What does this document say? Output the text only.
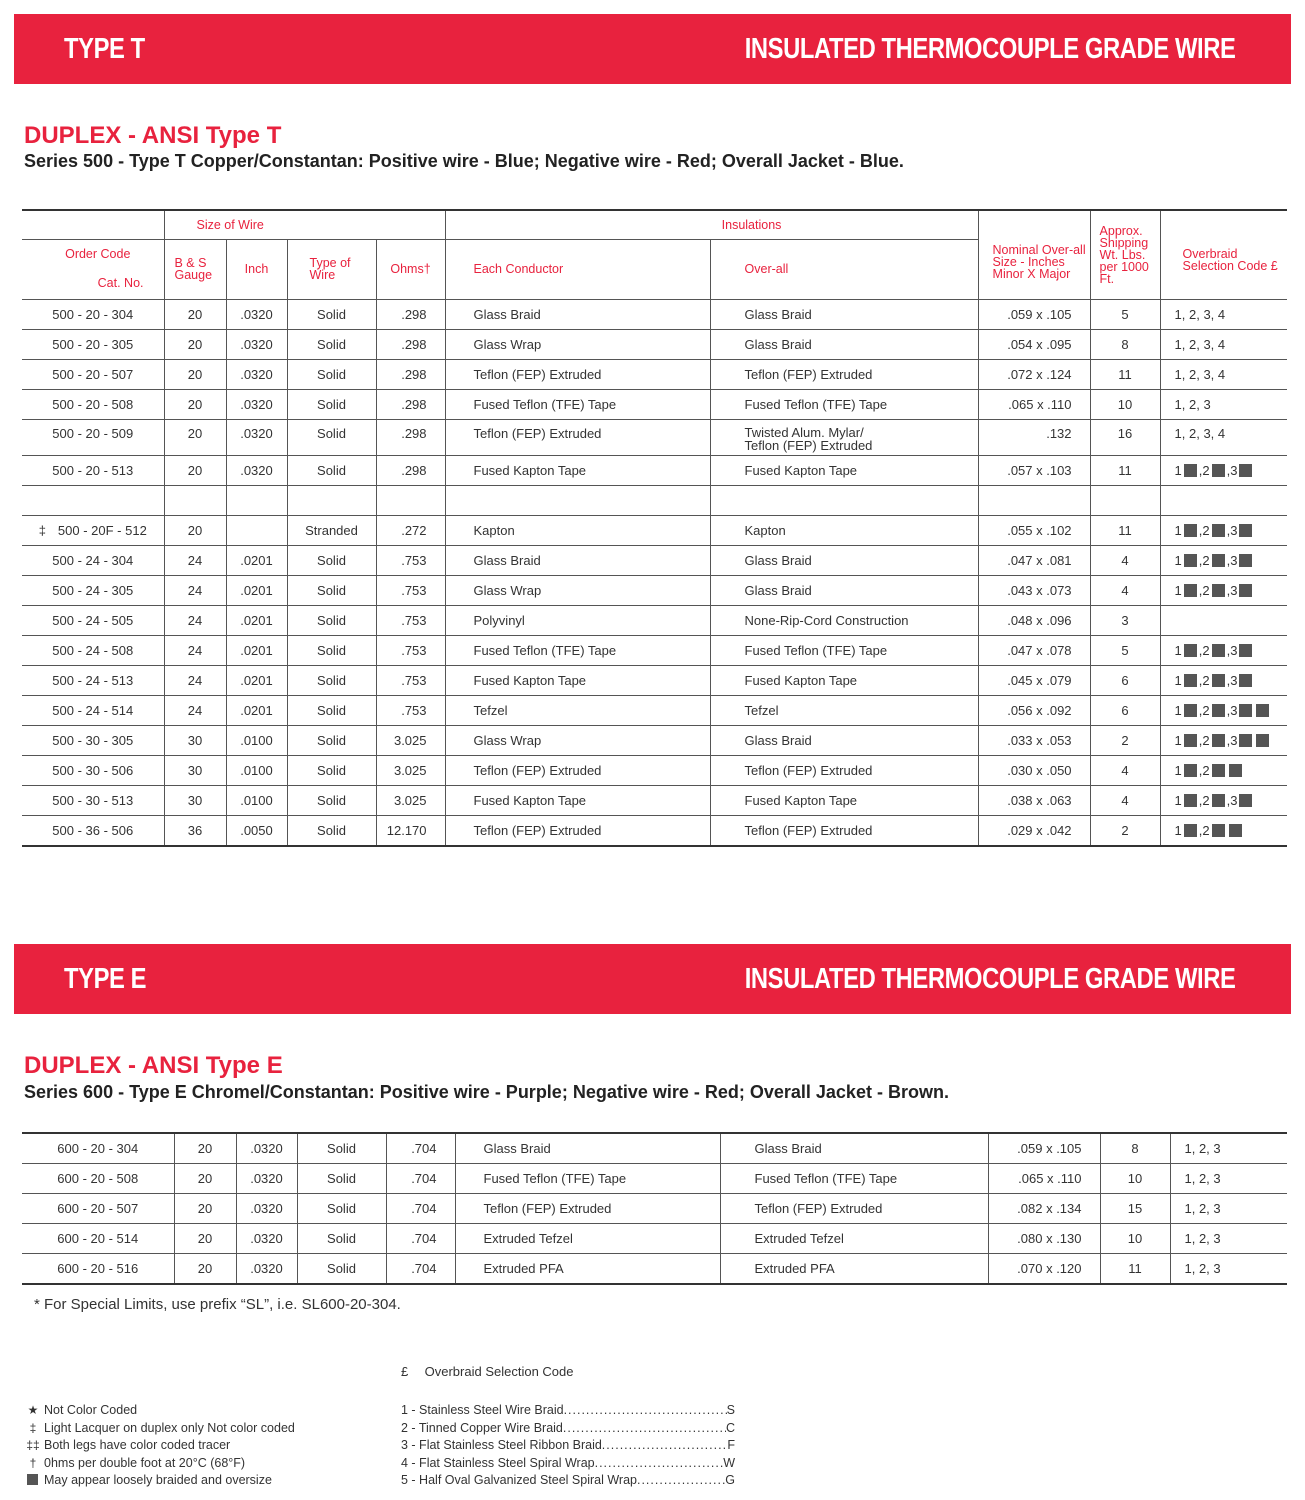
TYPE T	INSULATED THERMOCOUPLE GRADE WIRE
DUPLEX - ANSI Type T

Series 500 - Type T Copper/Constantan: Positive wire - Blue; Negative wire - Red; Overall Jacket - Blue.

	Size of Wire				Insulations		Nominal Over-all Size - Inches Minor X Major	Approx. Shipping Wt. Lbs. per 1000 Ft.	Overbraid Selection Code £
Order Code	B & S Gauge	Inch	Type of Wire	Ohms†	Each Conductor	Over-all			
Cat. No.									
500 - 20 - 304	20	.0320	Solid	.298	Glass Braid	Glass Braid	.059 x .105	5	1, 2, 3, 4
500 - 20 - 305	20	.0320	Solid	.298	Glass Wrap	Glass Braid	.054 x .095	8	1, 2, 3, 4
500 - 20 - 507	20	.0320	Solid	.298	Teflon (FEP) Extruded	Teflon (FEP) Extruded	.072 x .124	11	1, 2, 3, 4
500 - 20 - 508	20	.0320	Solid	.298	Fused Teflon (TFE) Tape	Fused Teflon (TFE) Tape	.065 x .110	10	1, 2, 3
500 - 20 - 509	20	.0320	Solid	.298	Teflon (FEP) Extruded	Twisted Alum. Mylar/
Teflon (FEP) Extruded	.132	16	1, 2, 3, 4
500 - 20 - 513	20	.0320	Solid	.298	Fused Kapton Tape	Fused Kapton Tape	.057 x .103	11	1 ,2 ,3

‡ 500 - 20F - 512	20		Stranded	.272	Kapton	Kapton	.055 x .102	11	1 ,2 ,3
500 - 24 - 304	24	.0201	Solid	.753	Glass Braid	Glass Braid	.047 x .081	4	1 ,2 ,3
500 - 24 - 305	24	.0201	Solid	.753	Glass Wrap	Glass Braid	.043 x .073	4	1 ,2 ,3
500 - 24 - 505	24	.0201	Solid	.753	Polyvinyl	None-Rip-Cord Construction	.048 x .096	3	
500 - 24 - 508	24	.0201	Solid	.753	Fused Teflon (TFE) Tape	Fused Teflon (TFE) Tape	.047 x .078	5	1 ,2 ,3
500 - 24 - 513	24	.0201	Solid	.753	Fused Kapton Tape	Fused Kapton Tape	.045 x .079	6	1 ,2 ,3
500 - 24 - 514	24	.0201	Solid	.753	Tefzel	Tefzel	.056 x .092	6	1 ,2 ,3
500 - 30 - 305	30	.0100	Solid	3.025	Glass Wrap	Glass Braid	.033 x .053	2	1 ,2 ,3
500 - 30 - 506	30	.0100	Solid	3.025	Teflon (FEP) Extruded	Teflon (FEP) Extruded	.030 x .050	4	1 ,2
500 - 30 - 513	30	.0100	Solid	3.025	Fused Kapton Tape	Fused Kapton Tape	.038 x .063	4	1 ,2 ,3
500 - 36 - 506	36	.0050	Solid	12.170	Teflon (FEP) Extruded	Teflon (FEP) Extruded	.029 x .042	2	1 ,2
TYPE E	INSULATED THERMOCOUPLE GRADE WIRE
DUPLEX - ANSI Type E

Series 600 - Type E Chromel/Constantan: Positive wire - Purple; Negative wire - Red; Overall Jacket - Brown.

600 - 20 - 304	20	.0320	Solid	.704	Glass Braid	Glass Braid	.059 x .105	8	1, 2, 3
600 - 20 - 508	20	.0320	Solid	.704	Fused Teflon (TFE) Tape	Fused Teflon (TFE) Tape	.065 x .110	10	1, 2, 3
600 - 20 - 507	20	.0320	Solid	.704	Teflon (FEP) Extruded	Teflon (FEP) Extruded	.082 x .134	15	1, 2, 3
600 - 20 - 514	20	.0320	Solid	.704	Extruded Tefzel	Extruded Tefzel	.080 x .130	10	1, 2, 3
600 - 20 - 516	20	.0320	Solid	.704	Extruded PFA	Extruded PFA	.070 x .120	11	1, 2, 3

* For Special Limits, use prefix “SL”, i.e. SL600-20-304.

£ Overbraid Selection Code
★ Not Color Coded
‡ Light Lacquer on duplex only Not color coded
‡‡ Both legs have color coded tracer
† 0hms per double foot at 20°C (68°F)
May appear loosely braided and oversize
1 - Stainless Steel Wire Braid .....	S
2 - Tinned Copper Wire Braid .....	C
3 - Flat Stainless Steel Ribbon Braid .....	F
4 - Flat Stainless Steel Spiral Wrap .....	W
5 - Half Oval Galvanized Steel Spiral Wrap .....	G
